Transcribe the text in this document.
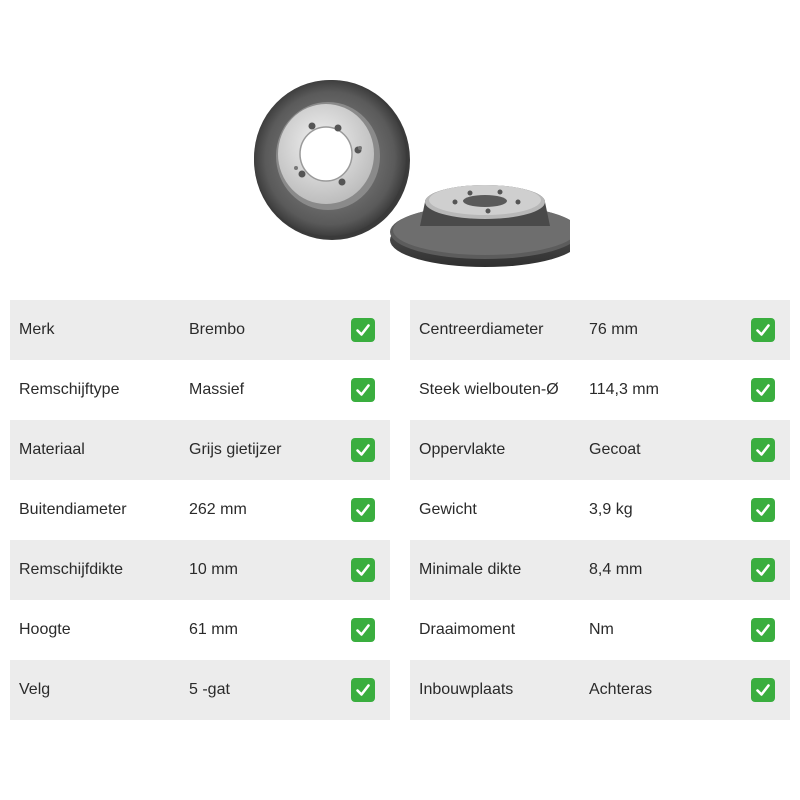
Merk	Brembo
Remschijftype	Massief
Materiaal	Grijs gietijzer
Buitendiameter	262 mm
Remschijfdikte	10 mm
Hoogte	61 mm
Velg	5 -gat
Centreerdiameter	76 mm
Steek wielbouten-Ø 114,3 mm
Oppervlakte	Gecoat
Gewicht	3,9 kg
Minimale dikte	8,4 mm
Draaimoment	Nm
Inbouwplaats	Achteras
